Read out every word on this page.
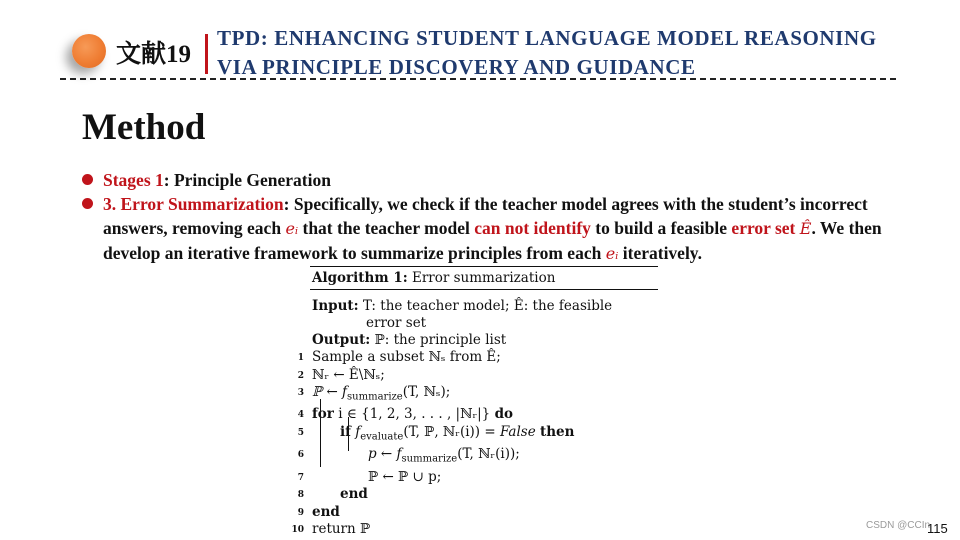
文献19
TPD: ENHANCING STUDENT LANGUAGE MODEL REASONING
VIA PRINCIPLE DISCOVERY AND GUIDANCE
Method
Stages 1: Principle Generation
3. Error Summarization: Specifically, we check if the teacher model agrees with the student’s incorrect answers, removing each eᵢ that the teacher model can not identify to build a feasible error set Ê. We then develop an iterative framework to summarize principles from each eᵢ iteratively.
Algorithm 1: Error summarization
Input: T: the teacher model; Ê: the feasible
error set
Output: ℙ: the principle list
1 Sample a subset ℕₛ from Ê;
2 ℕᵣ ← Ê\ℕₛ;
3 ℙ ← $f_{summarize}(T$, ℕₛ);
4 for i ∈ {1, 2, 3, . . . , |ℕᵣ|} do
5	if $f_{evaluate}(T$, ℙ, ℕᵣ(i)) = False then
6	p ← $f_{summarize}(T$, ℕᵣ(i));
7	ℙ ← ℙ ∪ p;
8	end
9 end
10 return ℙ	CSDN @CCIn
115
